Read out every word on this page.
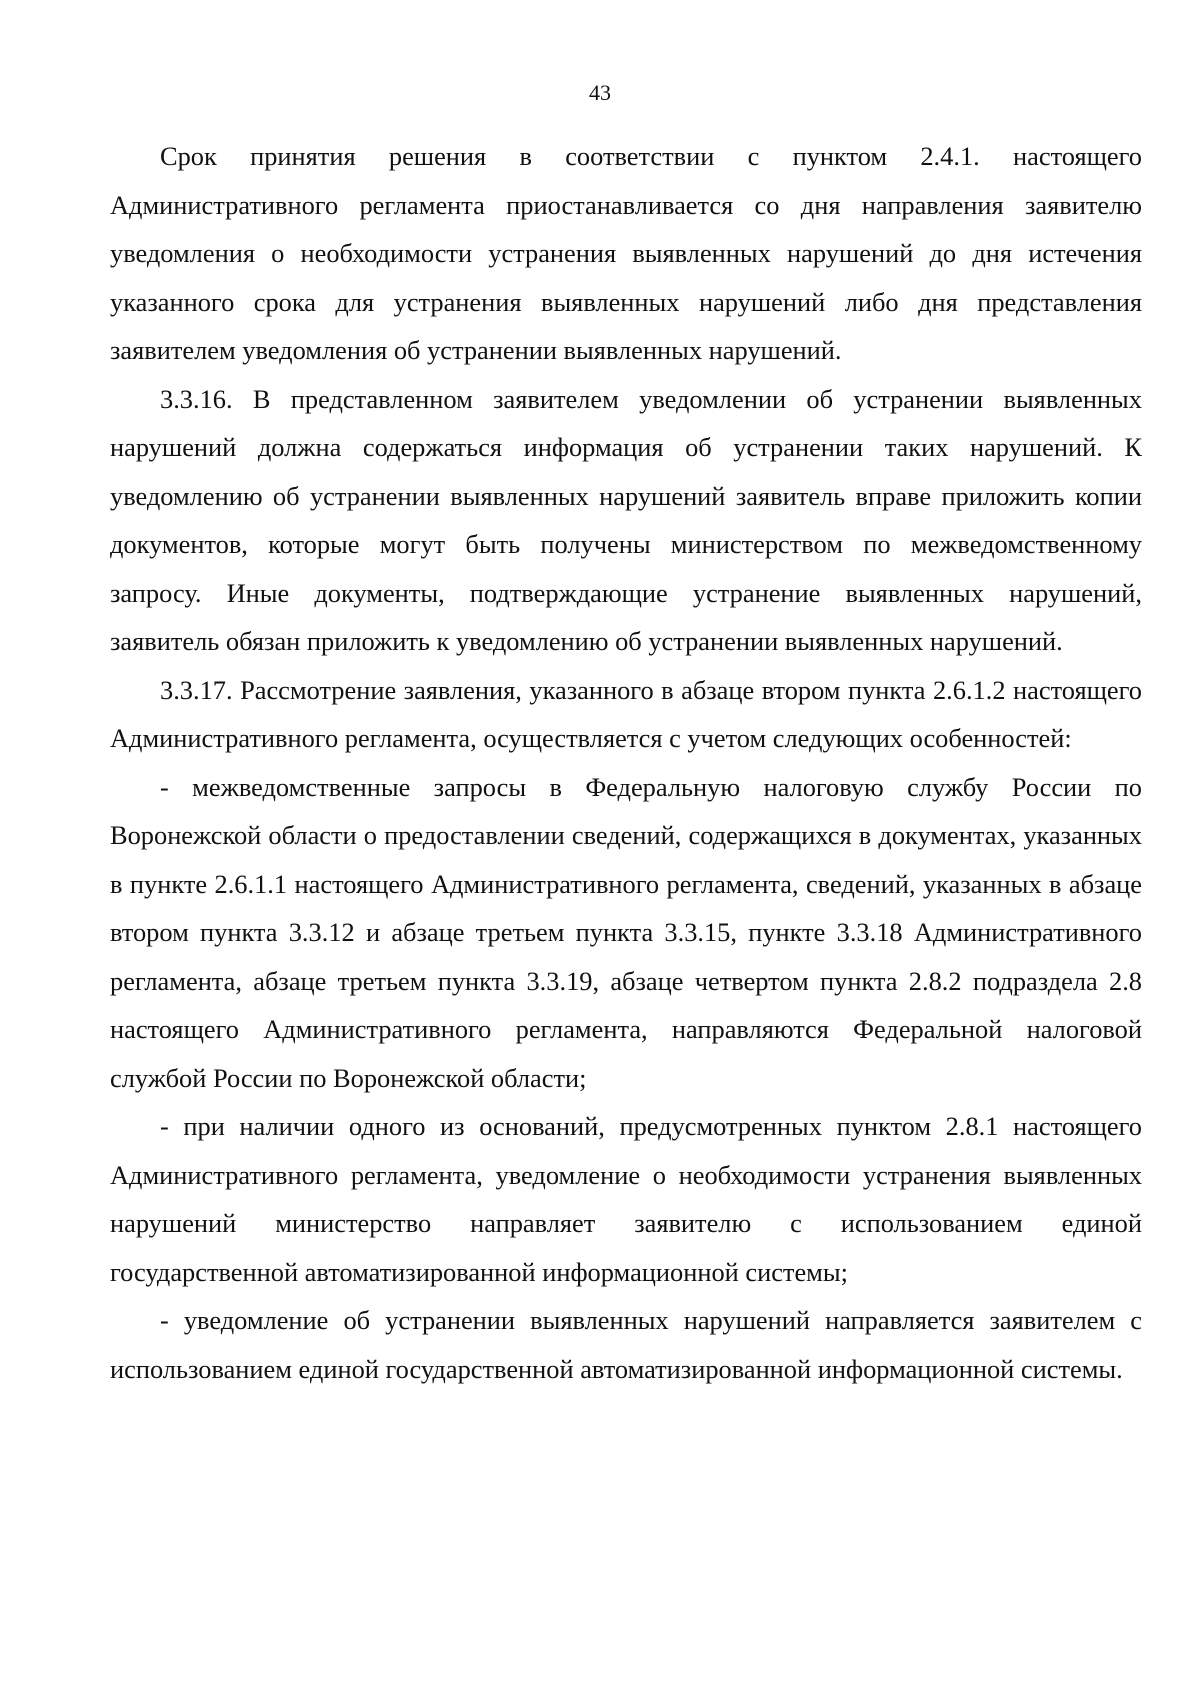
43

Срок принятия решения в соответствии с пунктом 2.4.1. настоящего Административного регламента приостанавливается со дня направления заявителю уведомления о необходимости устранения выявленных нарушений до дня истечения указанного срока для устранения выявленных нарушений либо дня представления заявителем уведомления об устранении выявленных нарушений.

3.3.16. В представленном заявителем уведомлении об устранении выявленных нарушений должна содержаться информация об устранении таких нарушений. К уведомлению об устранении выявленных нарушений заявитель вправе приложить копии документов, которые могут быть получены министерством по межведомственному запросу. Иные документы, подтверждающие устранение выявленных нарушений, заявитель обязан приложить к уведомлению об устранении выявленных нарушений.

3.3.17. Рассмотрение заявления, указанного в абзаце втором пункта 2.6.1.2 настоящего Административного регламента, осуществляется с учетом следующих особенностей:

- межведомственные запросы в Федеральную налоговую службу России по Воронежской области о предоставлении сведений, содержащихся в документах, указанных в пункте 2.6.1.1 настоящего Административного регламента, сведений, указанных в абзаце втором пункта 3.3.12 и абзаце третьем пункта 3.3.15, пункте 3.3.18 Административного регламента, абзаце третьем пункта 3.3.19, абзаце четвертом пункта 2.8.2 подраздела 2.8 настоящего Административного регламента, направляются Федеральной налоговой службой России по Воронежской области;

- при наличии одного из оснований, предусмотренных пунктом 2.8.1 настоящего Административного регламента, уведомление о необходимости устранения выявленных нарушений министерство направляет заявителю с использованием единой государственной автоматизированной информационной системы;

- уведомление об устранении выявленных нарушений направляется заявителем с использованием единой государственной автоматизированной информационной системы.
